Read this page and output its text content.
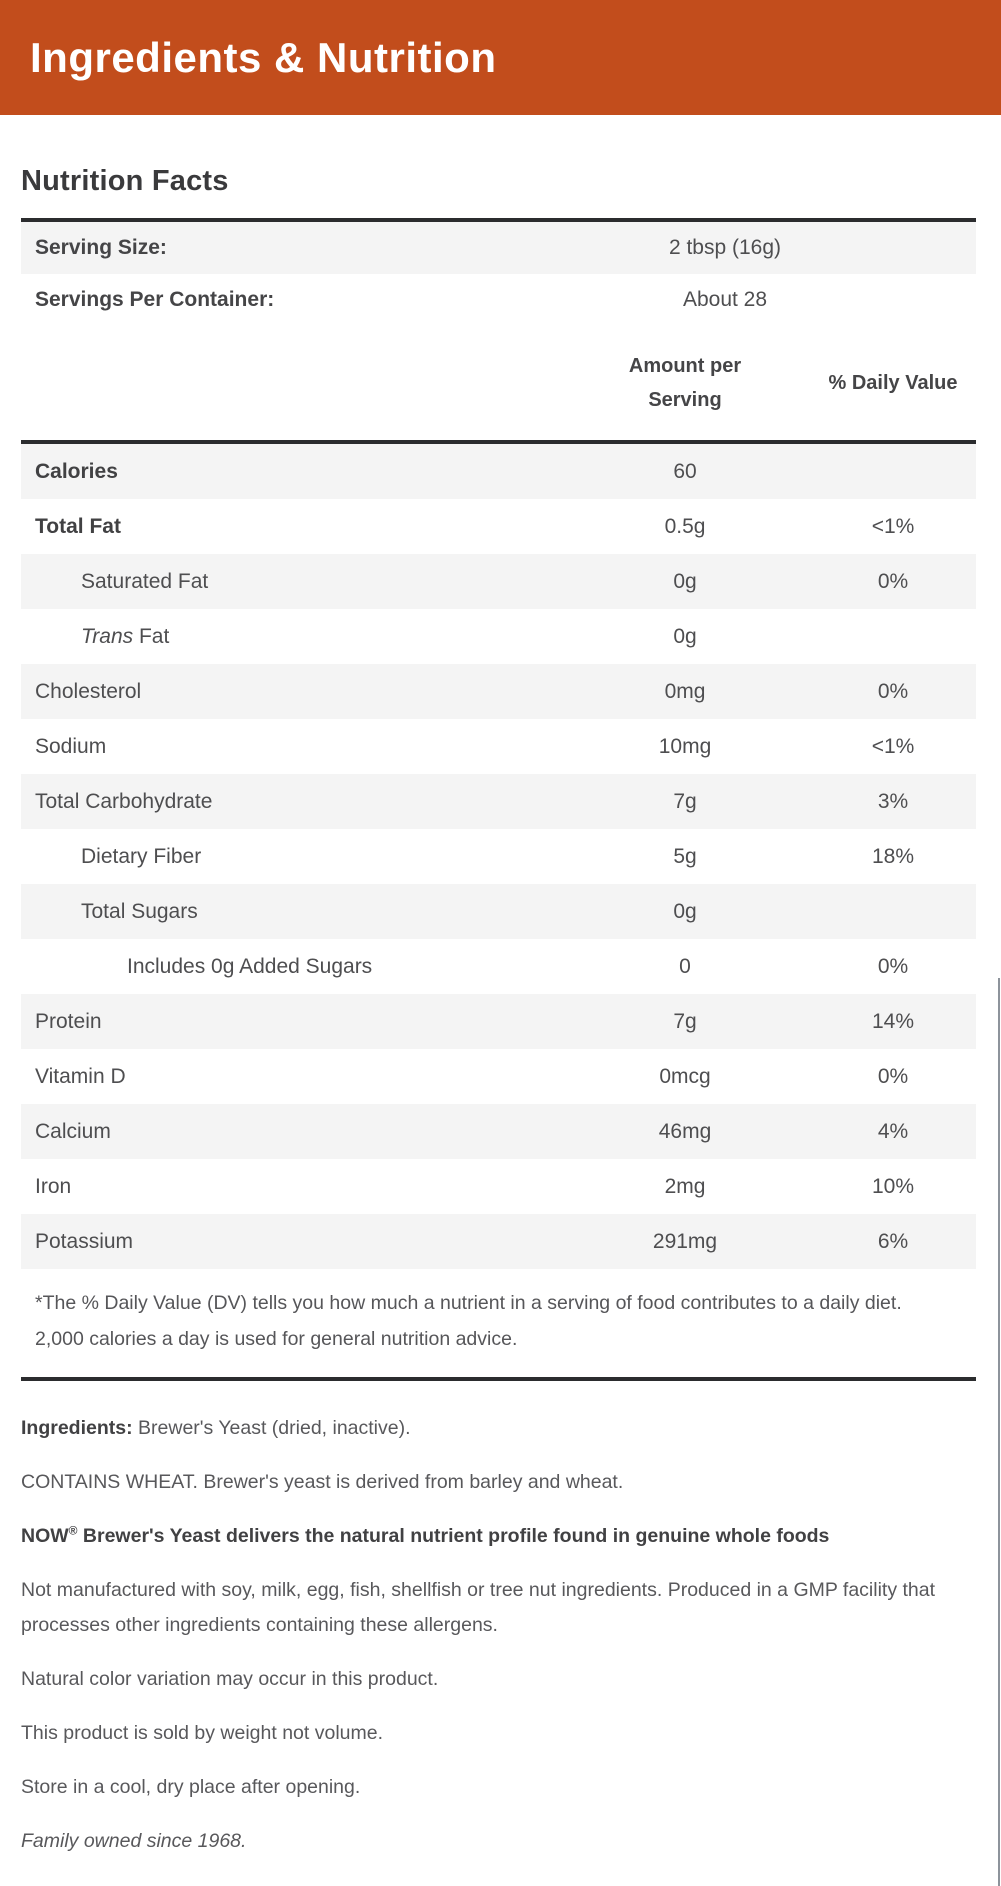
Ingredients & Nutrition
Nutrition Facts
Serving Size:	2 tbsp (16g)
Servings Per Container:	About 28
Amount per Serving
% Daily Value
Calories	60
Total Fat	0.5g	<1%
Saturated Fat	0g	0%
Trans Fat	0g
Cholesterol	0mg	0%
Sodium	10mg	<1%
Total Carbohydrate	7g	3%
Dietary Fiber	5g	18%
Total Sugars	0g
Includes 0g Added Sugars	0	0%
Protein	7g	14%
Vitamin D	0mcg	0%
Calcium	46mg	4%
Iron	2mg	10%
Potassium	291mg	6%
*The % Daily Value (DV) tells you how much a nutrient in a serving of food contributes to a daily diet. 2,000 calories a day is used for general nutrition advice.

Ingredients: Brewer's Yeast (dried, inactive).

CONTAINS WHEAT. Brewer's yeast is derived from barley and wheat.

NOW® Brewer's Yeast delivers the natural nutrient profile found in genuine whole foods

Not manufactured with soy, milk, egg, fish, shellfish or tree nut ingredients. Produced in a GMP facility that processes other ingredients containing these allergens.

Natural color variation may occur in this product.

This product is sold by weight not volume.

Store in a cool, dry place after opening.

Family owned since 1968.
